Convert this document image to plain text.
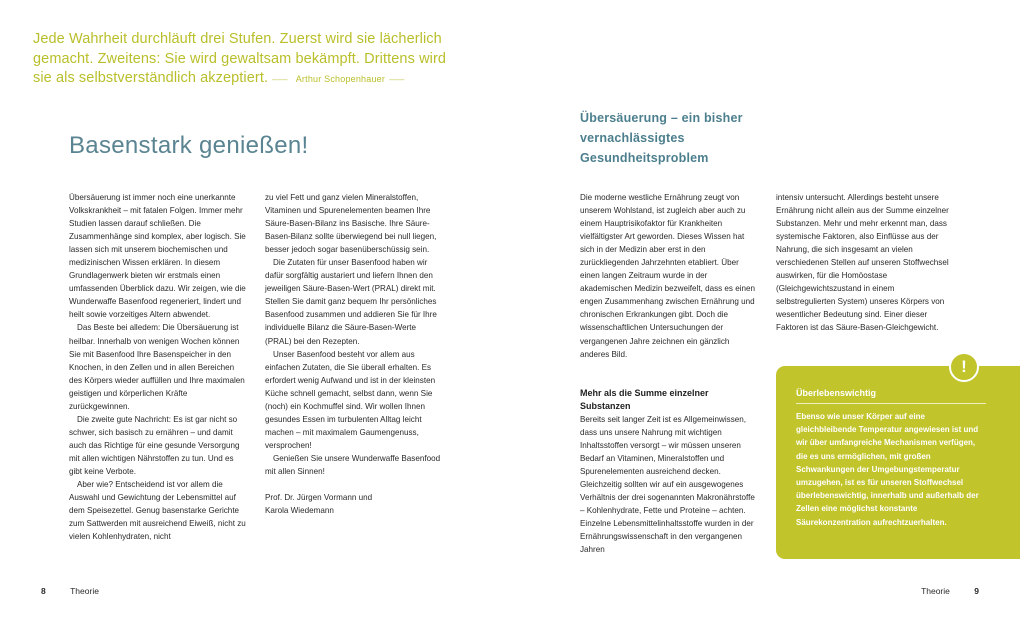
Jede Wahrheit durchläuft drei Stufen. Zuerst wird sie lächerlich gemacht. Zweitens: Sie wird gewaltsam bekämpft. Drittens wird sie als selbstverständlich akzeptiert. ––– Arthur Schopenhauer –––
Basenstark genießen!

Übersäuerung ist immer noch eine unerkannte Volkskrankheit – mit fatalen Folgen. Immer mehr Studien lassen darauf schließen. Die Zusammenhänge sind komplex, aber logisch. Sie lassen sich mit unserem biochemischen und medizinischen Wissen erklären. In diesem Grundlagenwerk bieten wir erstmals einen umfassenden Überblick dazu. Wir zeigen, wie die Wunderwaffe Basenfood regeneriert, lindert und heilt sowie vorzeitiges Altern abwendet.

Das Beste bei alledem: Die Übersäuerung ist heilbar. Innerhalb von wenigen Wochen können Sie mit Basenfood Ihre Basenspeicher in den Knochen, in den Zellen und in allen Bereichen des Körpers wieder auffüllen und Ihre maximalen geistigen und körperlichen Kräfte zurückgewinnen.

Die zweite gute Nachricht: Es ist gar nicht so schwer, sich basisch zu ernähren – und damit auch das Richtige für eine gesunde Versorgung mit allen wichtigen Nährstoffen zu tun. Und es gibt keine Verbote.

Aber wie? Entscheidend ist vor allem die Auswahl und Gewichtung der Lebensmittel auf dem Speisezettel. Genug basenstarke Gerichte zum Sattwerden mit ausreichend Eiweiß, nicht zu vielen Kohlenhydraten, nicht

zu viel Fett und ganz vielen Mineralstoffen, Vitaminen und Spurenelementen beamen Ihre Säure-Basen-Bilanz ins Basische. Ihre Säure-Basen-Bilanz sollte überwiegend bei null liegen, besser jedoch sogar basenüberschüssig sein.

Die Zutaten für unser Basenfood haben wir dafür sorgfältig austariert und liefern Ihnen den jeweiligen Säure-Basen-Wert (PRAL) direkt mit. Stellen Sie damit ganz bequem Ihr persönliches Basenfood zusammen und addieren Sie für Ihre individuelle Bilanz die Säure-Basen-Werte (PRAL) bei den Rezepten.

Unser Basenfood besteht vor allem aus einfachen Zutaten, die Sie überall erhalten. Es erfordert wenig Aufwand und ist in der kleinsten Küche schnell gemacht, selbst dann, wenn Sie (noch) ein Kochmuffel sind. Wir wollen Ihnen gesundes Essen im turbulenten Alltag leicht machen – mit maximalem Gaumengenuss, versprochen!

Genießen Sie unsere Wunderwaffe Basenfood mit allen Sinnen!

Prof. Dr. Jürgen Vormann und

Karola Wiedemann

Übersäuerung – ein bisher vernachlässigtes Gesundheitsproblem

Die moderne westliche Ernährung zeugt von unserem Wohlstand, ist zugleich aber auch zu einem Hauptrisikofaktor für Krankheiten vielfältigster Art geworden. Dieses Wissen hat sich in der Medizin aber erst in den zurückliegenden Jahrzehnten etabliert. Über einen langen Zeitraum wurde in der akademischen Medizin bezweifelt, dass es einen engen Zusammenhang zwischen Ernährung und chronischen Erkrankungen gibt. Doch die wissenschaftlichen Untersuchungen der vergangenen Jahre zeichnen ein gänzlich anderes Bild.

Mehr als die Summe einzelner Substanzen

Bereits seit langer Zeit ist es Allgemeinwissen, dass uns unsere Nahrung mit wichtigen Inhaltsstoffen versorgt – wir müssen unseren Bedarf an Vitaminen, Mineralstoffen und Spurenelementen ausreichend decken. Gleichzeitig sollten wir auf ein ausgewogenes Verhältnis der drei sogenannten Makronährstoffe – Kohlenhydrate, Fette und Proteine – achten. Einzelne Lebensmittelinhaltsstoffe wurden in der Ernährungswissenschaft in den vergangenen Jahren

intensiv untersucht. Allerdings besteht unsere Ernährung nicht allein aus der Summe einzelner Substanzen. Mehr und mehr erkennt man, dass systemische Faktoren, also Einflüsse aus der Nahrung, die sich insgesamt an vielen verschiedenen Stellen auf unseren Stoffwechsel auswirken, für die Homöostase (Gleichgewichtszustand in einem selbstregulierten System) unseres Körpers von wesentlicher Bedeutung sind. Einer dieser Faktoren ist das Säure-Basen-Gleichgewicht.

Überlebenswichtig
Ebenso wie unser Körper auf eine gleichbleibende Temperatur angewiesen ist und wir über umfangreiche Mechanismen verfügen, die es uns ermöglichen, mit großen Schwankungen der Umgebungstemperatur umzugehen, ist es für unseren Stoffwechsel überlebenswichtig, innerhalb und außerhalb der Zellen eine möglichst konstante Säurekonzentration aufrechtzuerhalten.
!
8	Theorie	Theorie	9
